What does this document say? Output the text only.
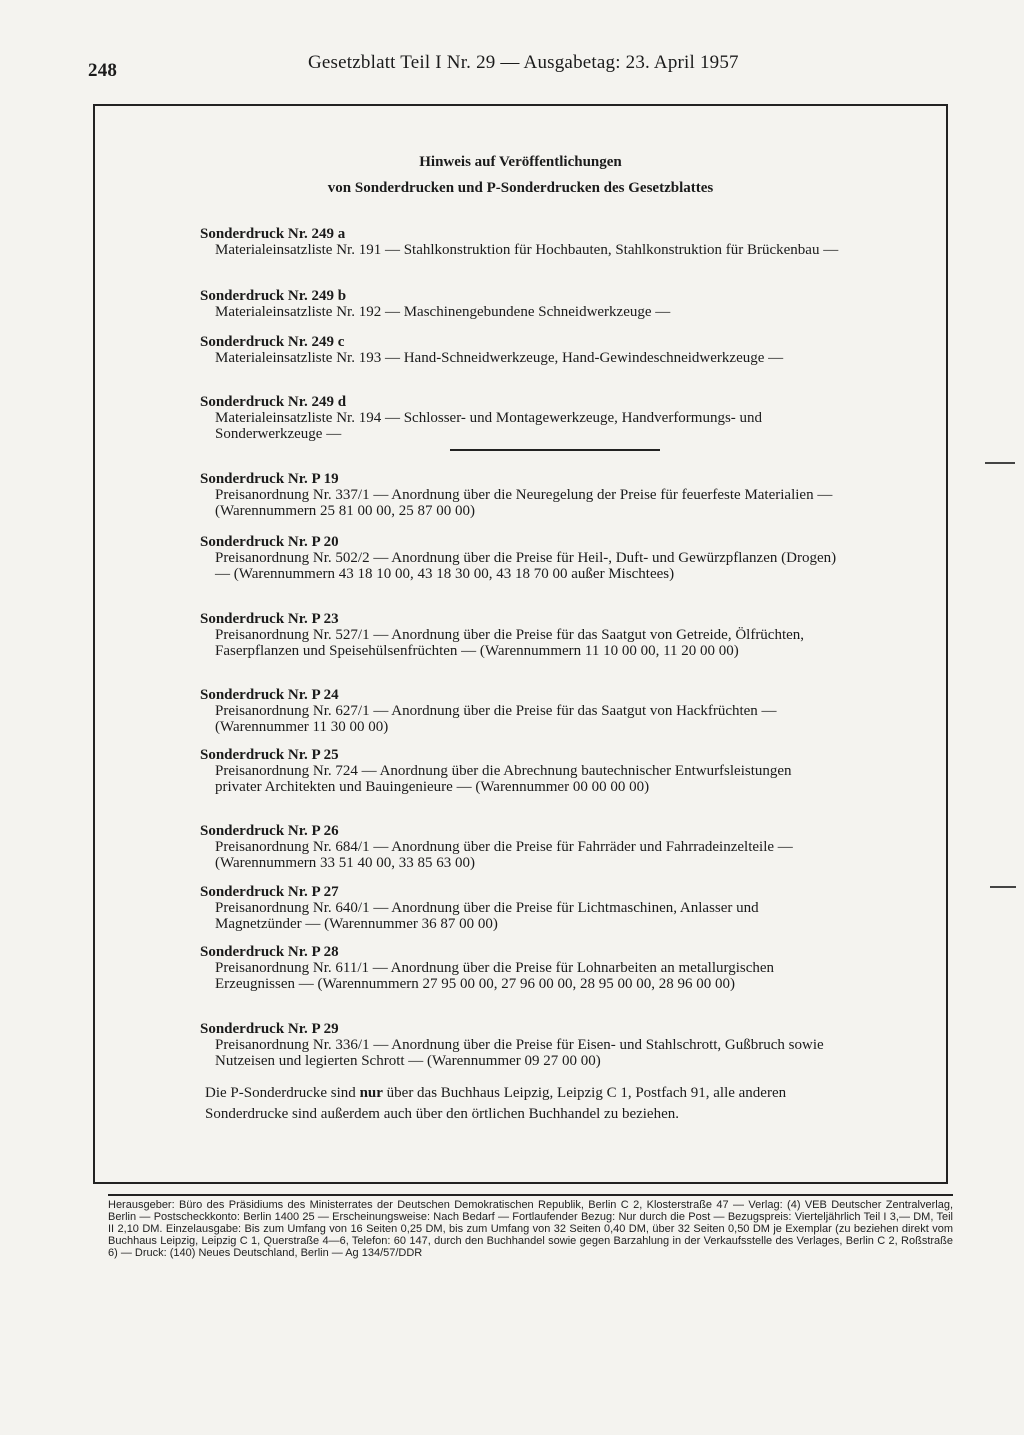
248	Gesetzblatt Teil I Nr. 29 — Ausgabetag: 23. April 1957
Hinweis auf Veröffentlichungen
von Sonderdrucken und P-Sonderdrucken des Gesetzblattes
Sonderdruck Nr. 249 a
Materialeinsatzliste Nr. 191 — Stahlkonstruktion für Hochbauten, Stahlkonstruktion für Brückenbau —
Sonderdruck Nr. 249 b
Materialeinsatzliste Nr. 192 — Maschinengebundene Schneidwerkzeuge —
Sonderdruck Nr. 249 c
Materialeinsatzliste Nr. 193 — Hand-Schneidwerkzeuge, Hand-Gewindeschneidwerkzeuge —
Sonderdruck Nr. 249 d
Materialeinsatzliste Nr. 194 — Schlosser- und Montagewerkzeuge, Handverformungs- und Sonderwerkzeuge —
Sonderdruck Nr. P 19
Preisanordnung Nr. 337/1 — Anordnung über die Neuregelung der Preise für feuerfeste Materialien — (Warennummern 25 81 00 00, 25 87 00 00)
Sonderdruck Nr. P 20
Preisanordnung Nr. 502/2 — Anordnung über die Preise für Heil-, Duft- und Gewürzpflanzen (Drogen) — (Warennummern 43 18 10 00, 43 18 30 00, 43 18 70 00 außer Mischtees)
Sonderdruck Nr. P 23
Preisanordnung Nr. 527/1 — Anordnung über die Preise für das Saatgut von Getreide, Ölfrüchten, Faserpflanzen und Speisehülsenfrüchten — (Warennummern 11 10 00 00, 11 20 00 00)
Sonderdruck Nr. P 24
Preisanordnung Nr. 627/1 — Anordnung über die Preise für das Saatgut von Hackfrüchten — (Warennummer 11 30 00 00)
Sonderdruck Nr. P 25
Preisanordnung Nr. 724 — Anordnung über die Abrechnung bautechnischer Entwurfsleistungen privater Architekten und Bauingenieure — (Warennummer 00 00 00 00)
Sonderdruck Nr. P 26
Preisanordnung Nr. 684/1 — Anordnung über die Preise für Fahrräder und Fahrradeinzelteile — (Warennummern 33 51 40 00, 33 85 63 00)
Sonderdruck Nr. P 27
Preisanordnung Nr. 640/1 — Anordnung über die Preise für Lichtmaschinen, Anlasser und Magnetzünder — (Warennummer 36 87 00 00)
Sonderdruck Nr. P 28
Preisanordnung Nr. 611/1 — Anordnung über die Preise für Lohnarbeiten an metallurgischen Erzeugnissen — (Warennummern 27 95 00 00, 27 96 00 00, 28 95 00 00, 28 96 00 00)
Sonderdruck Nr. P 29
Preisanordnung Nr. 336/1 — Anordnung über die Preise für Eisen- und Stahlschrott, Gußbruch sowie Nutzeisen und legierten Schrott — (Warennummer 09 27 00 00)
Die P-Sonderdrucke sind nur über das Buchhaus Leipzig, Leipzig C 1, Postfach 91, alle anderen Sonderdrucke sind außerdem auch über den örtlichen Buchhandel zu beziehen.
Herausgeber: Büro des Präsidiums des Ministerrates der Deutschen Demokratischen Republik, Berlin C 2, Klosterstraße 47 — Verlag: (4) VEB Deutscher Zentralverlag, Berlin — Postscheckkonto: Berlin 1400 25 — Erscheinungsweise: Nach Bedarf — Fortlaufender Bezug: Nur durch die Post — Bezugspreis: Vierteljährlich Teil I 3,— DM, Teil II 2,10 DM. Einzelausgabe: Bis zum Umfang von 16 Seiten 0,25 DM, bis zum Umfang von 32 Seiten 0,40 DM, über 32 Seiten 0,50 DM je Exemplar (zu beziehen direkt vom Buchhaus Leipzig, Leipzig C 1, Querstraße 4—6, Telefon: 60 147, durch den Buchhandel sowie gegen Barzahlung in der Verkaufsstelle des Verlages, Berlin C 2, Roßstraße 6) — Druck: (140) Neues Deutschland, Berlin — Ag 134/57/DDR
